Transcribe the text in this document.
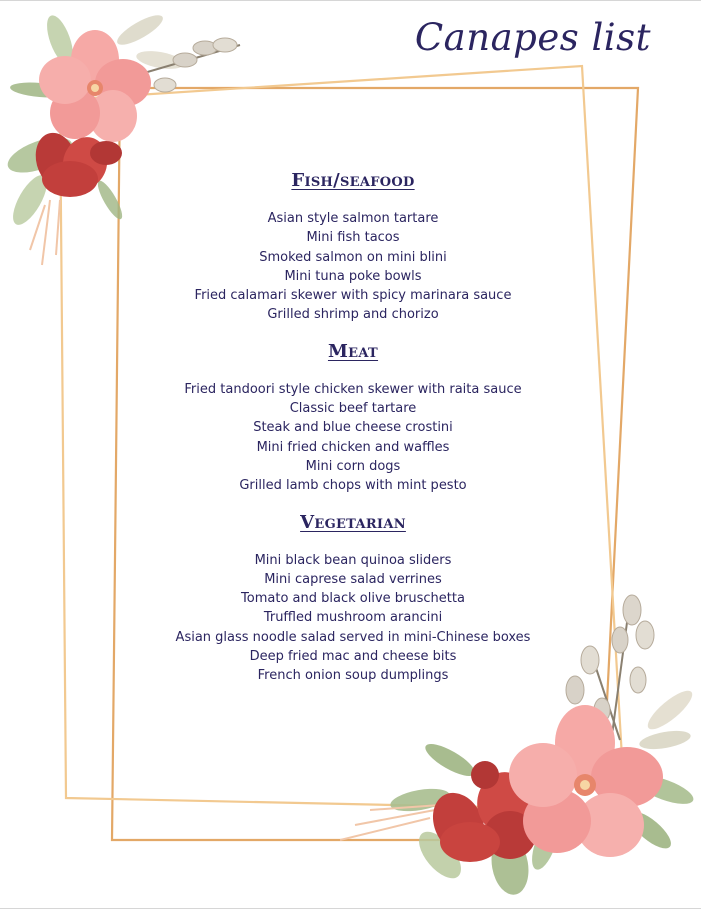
Canapes list
Fish/seafood
Asian style salmon tartare
Mini fish tacos
Smoked salmon on mini blini
Mini tuna poke bowls
Fried calamari skewer with spicy marinara sauce
Grilled shrimp and chorizo
Meat
Fried tandoori style chicken skewer with raita sauce
Classic beef tartare
Steak and blue cheese crostini
Mini fried chicken and waffles
Mini corn dogs
Grilled lamb chops with mint pesto
Vegetarian
Mini black bean quinoa sliders
Mini caprese salad verrines
Tomato and black olive bruschetta
Truffled mushroom arancini
Asian glass noodle salad served in mini-Chinese boxes
Deep fried mac and cheese bits
French onion soup dumplings
